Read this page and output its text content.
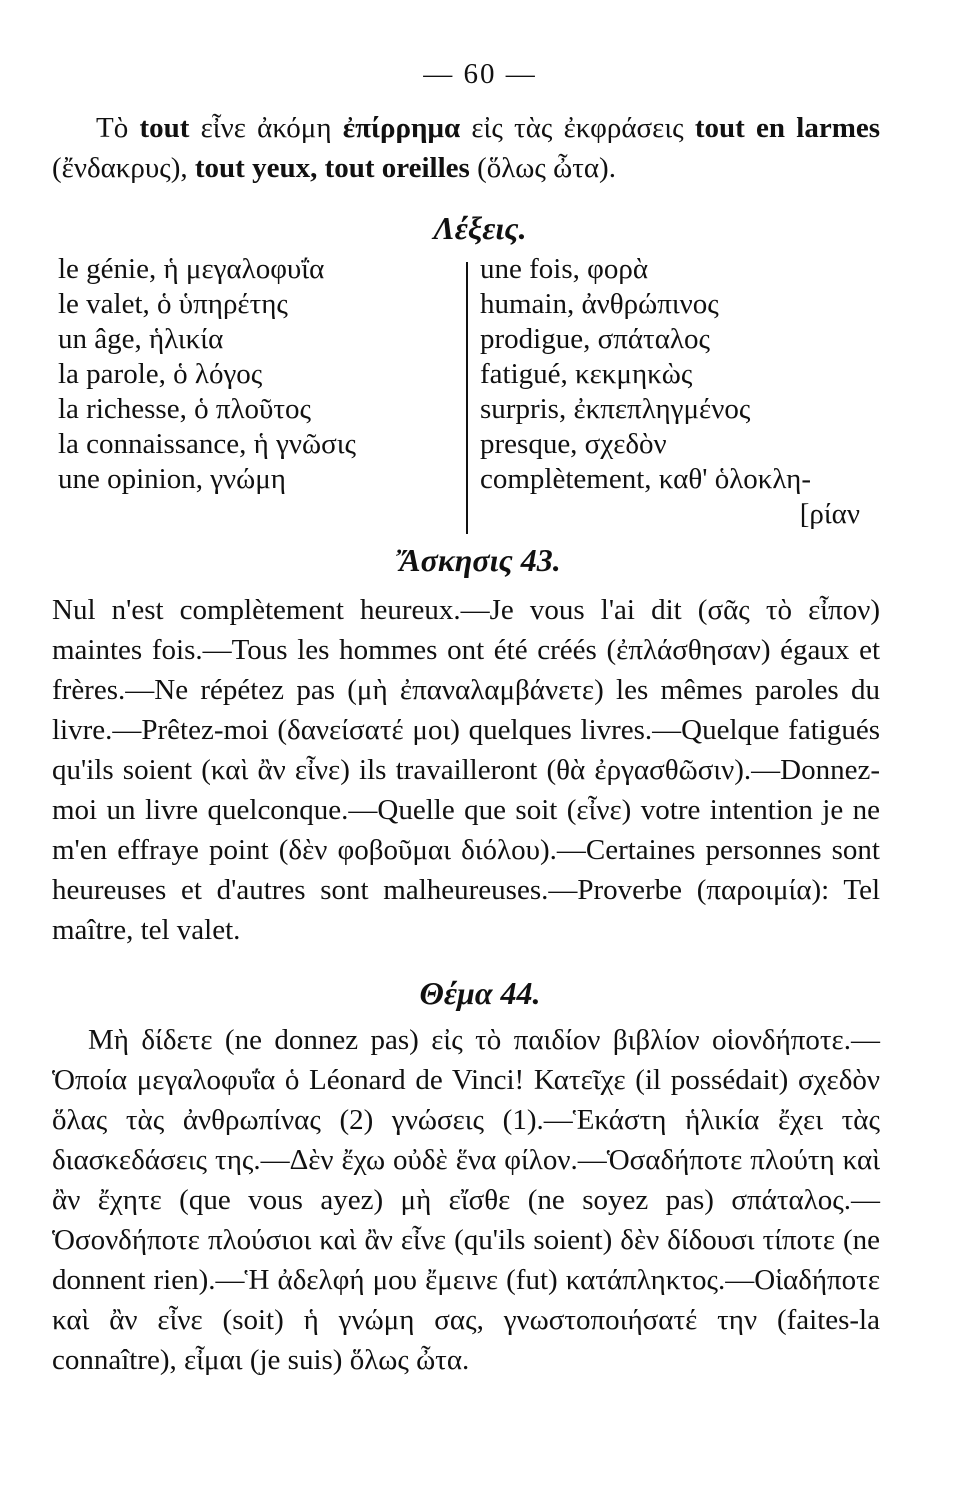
— 60 —
Τὸ tout εἶνε ἀκόμη ἐπίρρημα εἰς τὰς ἐκφράσεις tout en larmes (ἔνδακρυς), tout yeux, tout oreilles (ὅλως ὦτα).
Λέξεις.
le génie, ἡ μεγαλοφυΐα
le valet, ὁ ὑπηρέτης
un âge, ἡλικία
la parole, ὁ λόγος
la richesse, ὁ πλοῦτος
la connaissance, ἡ γνῶσις
une opinion, γνώμη
une fois, φορὰ
humain, ἀνθρώπινος
prodigue, σπάταλος
fatigué, κεκμηκὼς
surpris, ἐκπεπληγμένος
presque, σχεδὸν
complètement, καθ' ὁλοκλη-
[ρίαν
Ἄσκησις 43.
Nul n'est complètement heureux.—Je vous l'ai dit (σᾶς τὸ εἶπον) maintes fois.—Tous les hommes ont été créés (ἐπλάσθησαν) égaux et frères.—Ne répétez pas (μὴ ἐπαναλαμβάνετε) les mêmes paroles du livre.—Prêtez-moi (δανείσατέ μοι) quelques livres.—Quelque fatigués qu'ils soient (καὶ ἂν εἶνε) ils travailleront (θὰ ἐργασθῶσιν).—Donnez-moi un livre quelconque.—Quelle que soit (εἶνε) votre intention je ne m'en effraye point (δὲν φοβοῦμαι διόλου).—Certaines personnes sont heureuses et d'autres sont malheureuses.—Proverbe (παροιμία): Tel maître, tel valet.
Θέμα 44.
Μὴ δίδετε (ne donnez pas) εἰς τὸ παιδίον βιβλίον οἱονδήποτε.—Ὁποία μεγαλοφυΐα ὁ Léonard de Vinci! Κατεῖχε (il possédait) σχεδὸν ὅλας τὰς ἀνθρωπίνας (2) γνώσεις (1).—Ἑκάστη ἡλικία ἔχει τὰς διασκεδάσεις της.—Δὲν ἔχω οὐδὲ ἕνα φίλον.—Ὁσαδήποτε πλούτη καὶ ἂν ἔχητε (que vous ayez) μὴ εἴσθε (ne soyez pas) σπάταλος.—Ὁσονδήποτε πλούσιοι καὶ ἂν εἶνε (qu'ils soient) δὲν δίδουσι τίποτε (ne donnent rien).—Ἡ ἀδελφή μου ἔμεινε (fut) κατάπληκτος.—Οἱαδήποτε καὶ ἂν εἶνε (soit) ἡ γνώμη σας, γνωστοποιήσατέ την (faites-la connaître), εἶμαι (je suis) ὅλως ὦτα.
